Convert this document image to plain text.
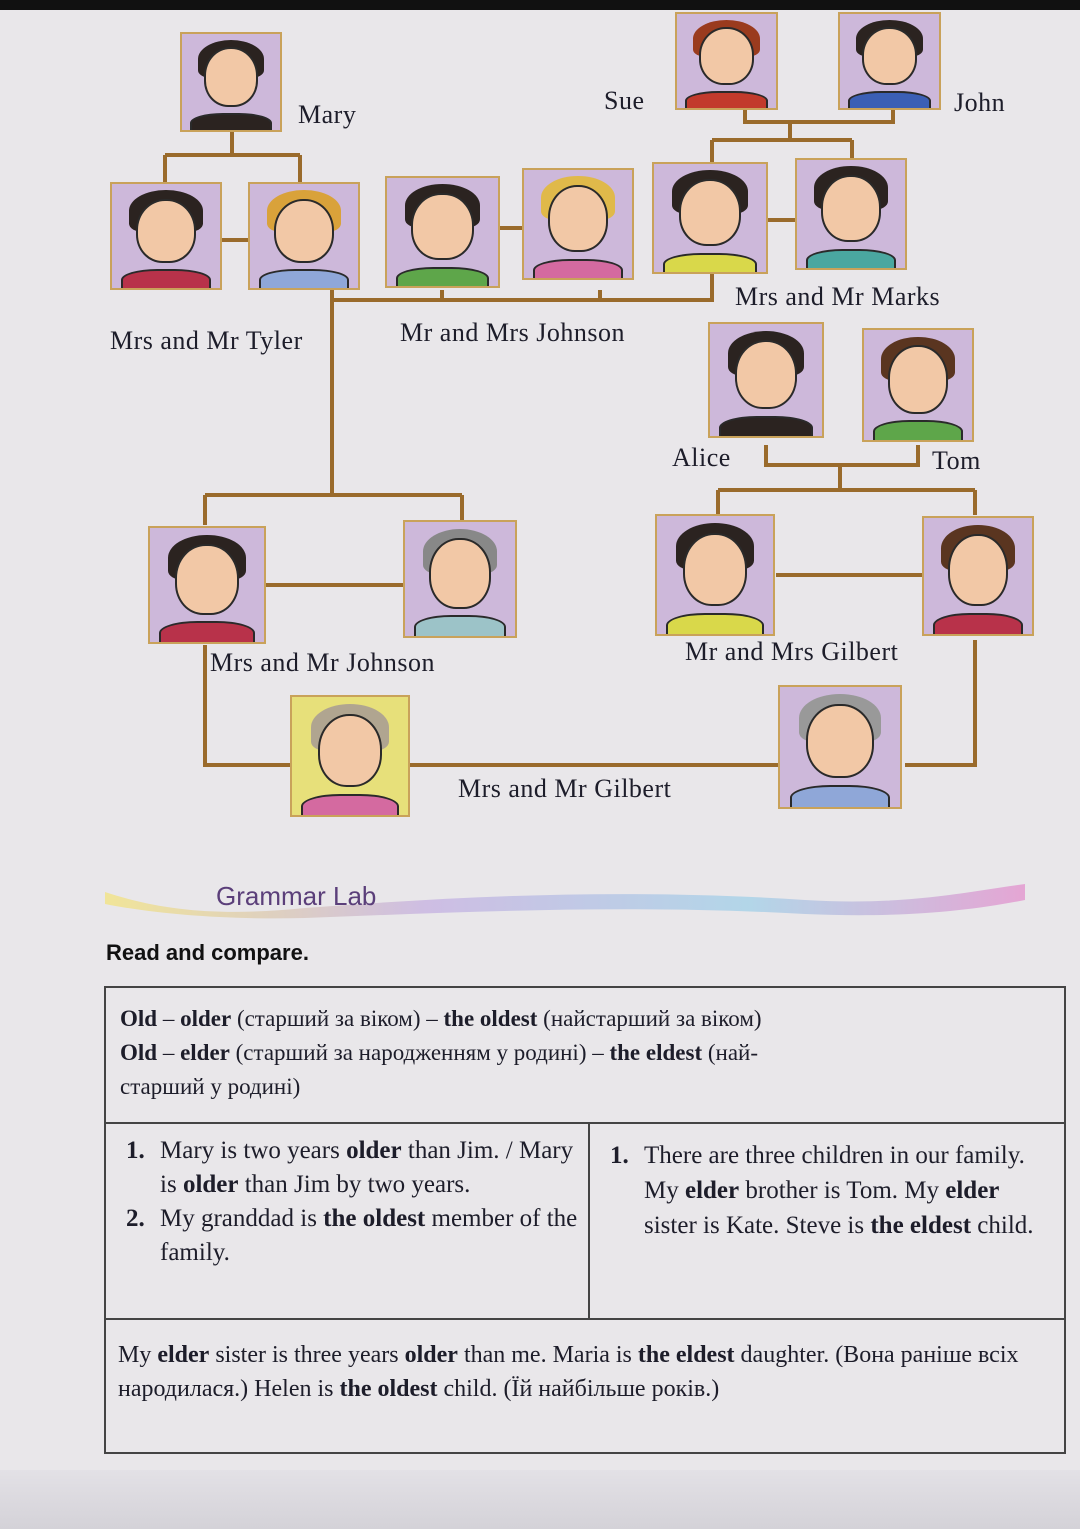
Mary	Sue	John
Mrs and Mr Tyler	Mr and Mrs Johnson
Mrs and Mr Marks
Alice	Tom
Mrs and Mr Johnson	Mr and Mrs Gilbert
Mrs and Mr Gilbert
Grammar Lab
Read and compare.
Old – older (старший за віком) – the oldest (найстарший за віком)
Old – elder (старший за народженням у родині) – the eldest (най-
старший у родині)
1. Mary is two years older than Jim. / Mary is older than Jim by two years.
2. My granddad is the oldest member of the family.
1. There are three children in our family. My elder brother is Tom. My elder sister is Kate. Steve is the eldest child.
My elder sister is three years older than me. Maria is the eldest daughter. (Вона раніше всіх народилася.) Helen is the oldest child. (Їй найбільше років.)
